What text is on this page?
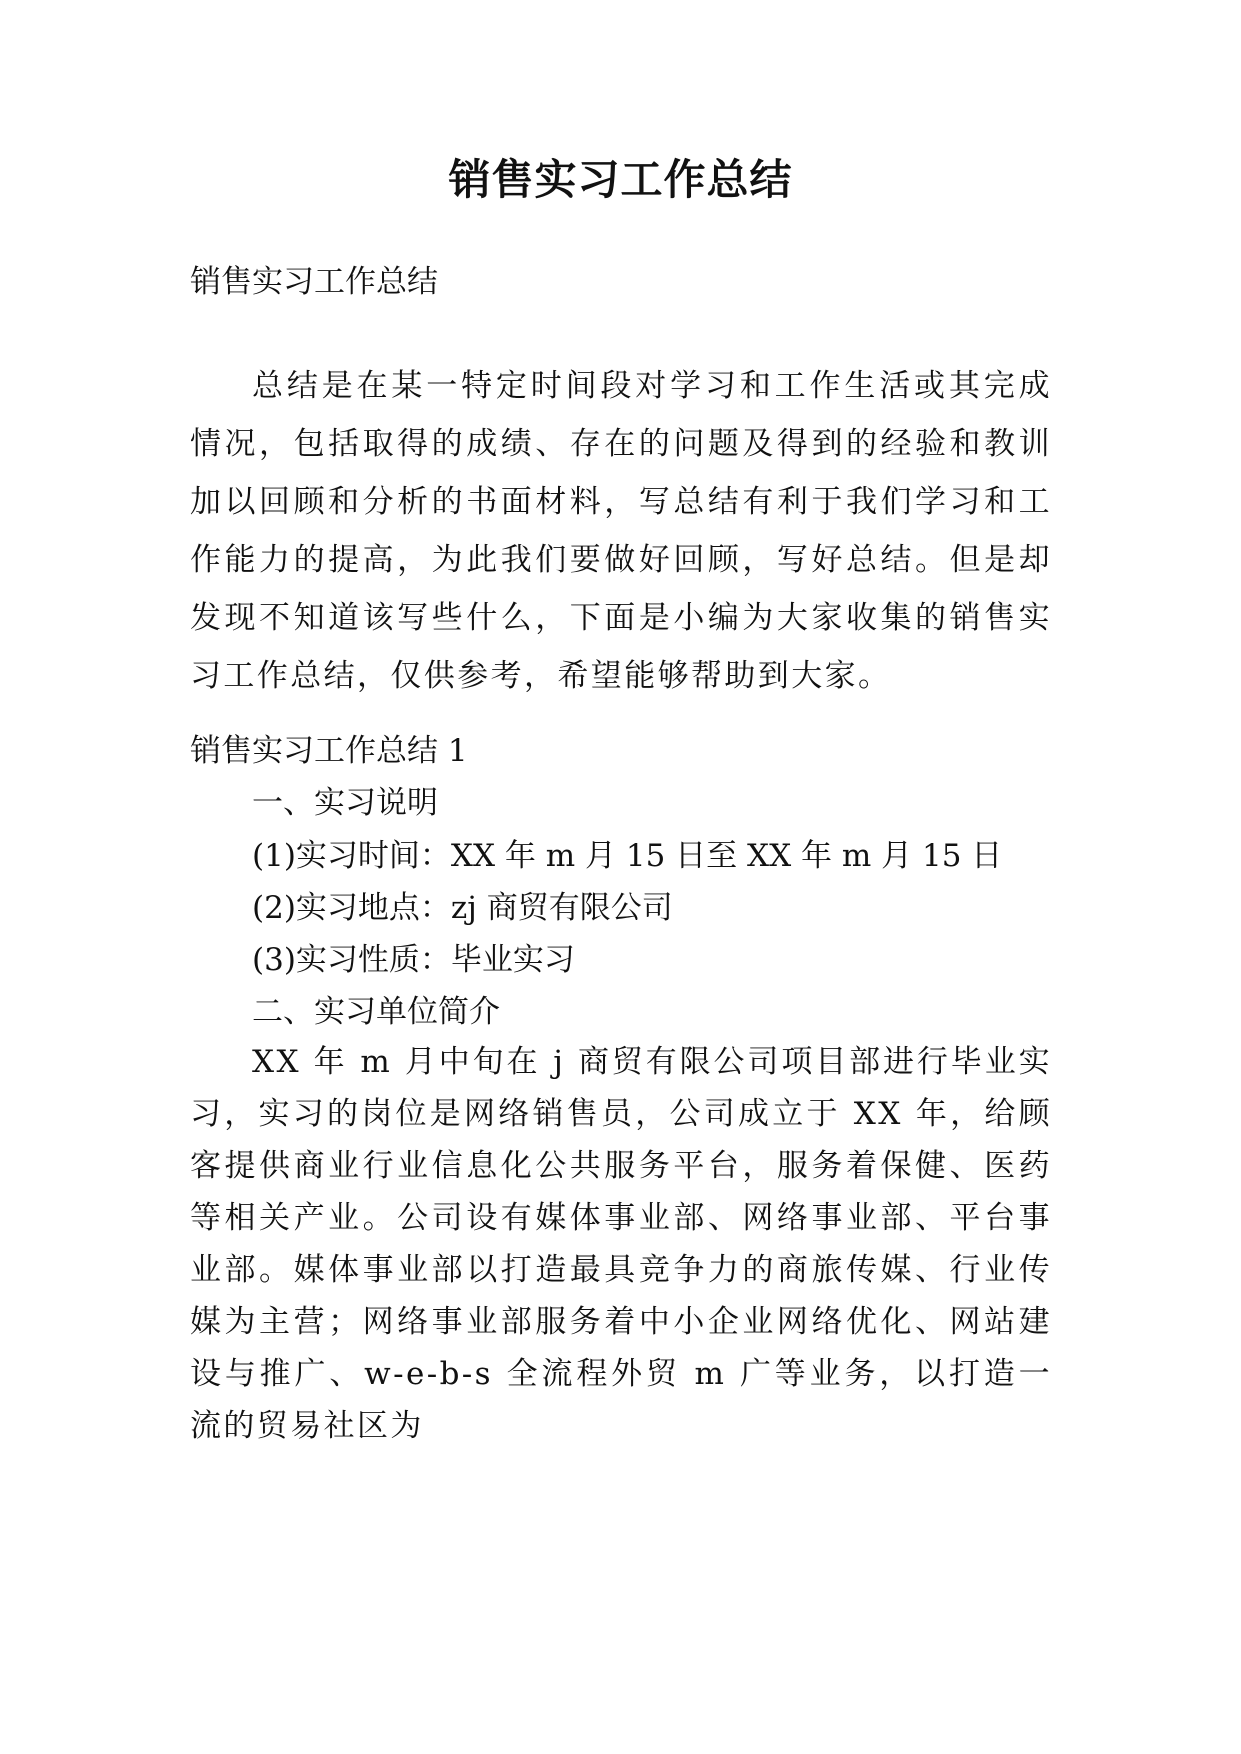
销售实习工作总结

销售实习工作总结

总结是在某一特定时间段对学习和工作生活或其完成情况，包括取得的成绩、存在的问题及得到的经验和教训加以回顾和分析的书面材料，写总结有利于我们学习和工作能力的提高，为此我们要做好回顾，写好总结。但是却发现不知道该写些什么，下面是小编为大家收集的销售实习工作总结，仅供参考，希望能够帮助到大家。

销售实习工作总结 1

一、实习说明

(1)实习时间：XX 年 m 月 15 日至 XX 年 m 月 15 日

(2)实习地点：zj 商贸有限公司

(3)实习性质：毕业实习

二、实习单位简介

XX 年 m 月中旬在 j 商贸有限公司项目部进行毕业实习，实习的岗位是网络销售员，公司成立于 XX 年，给顾客提供商业行业信息化公共服务平台，服务着保健、医药等相关产业。公司设有媒体事业部、网络事业部、平台事业部。媒体事业部以打造最具竞争力的商旅传媒、行业传媒为主营；网络事业部服务着中小企业网络优化、网站建设与推广、w-e-b-s 全流程外贸 m 广等业务，以打造一流的贸易社区为
